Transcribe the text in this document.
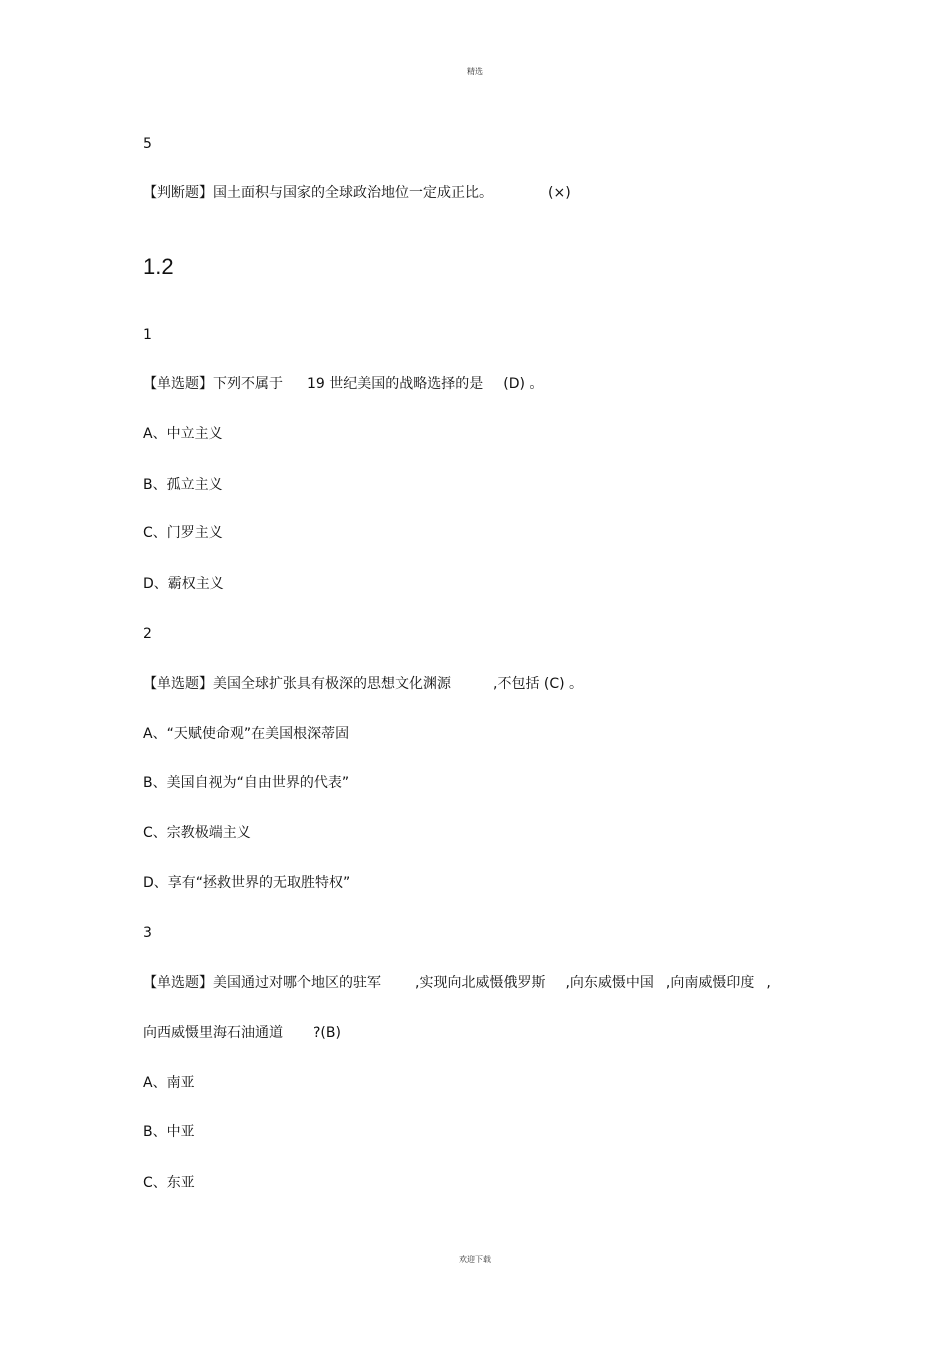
精选
5
【判断题】国土面积与国家的全球政治地位一定成正比。	(×)
1.2
1
【单选题】下列不属于 19 世纪美国的战略选择的是 (D) 。
A、中立主义
B、孤立主义
C、门罗主义
D、霸权主义
2
【单选题】美国全球扩张具有极深的思想文化渊源	,不包括 (C) 。
A、“天赋使命观”在美国根深蒂固
B、美国自视为“自由世界的代表”
C、宗教极端主义
D、享有“拯救世界的无取胜特权”
3
【单选题】美国通过对哪个地区的驻军 ,实现向北威慑俄罗斯 ,向东威慑中国 ,向南威慑印度 ,
向西威慑里海石油通道 ?(B)
A、南亚
B、中亚
C、东亚
欢迎下载
